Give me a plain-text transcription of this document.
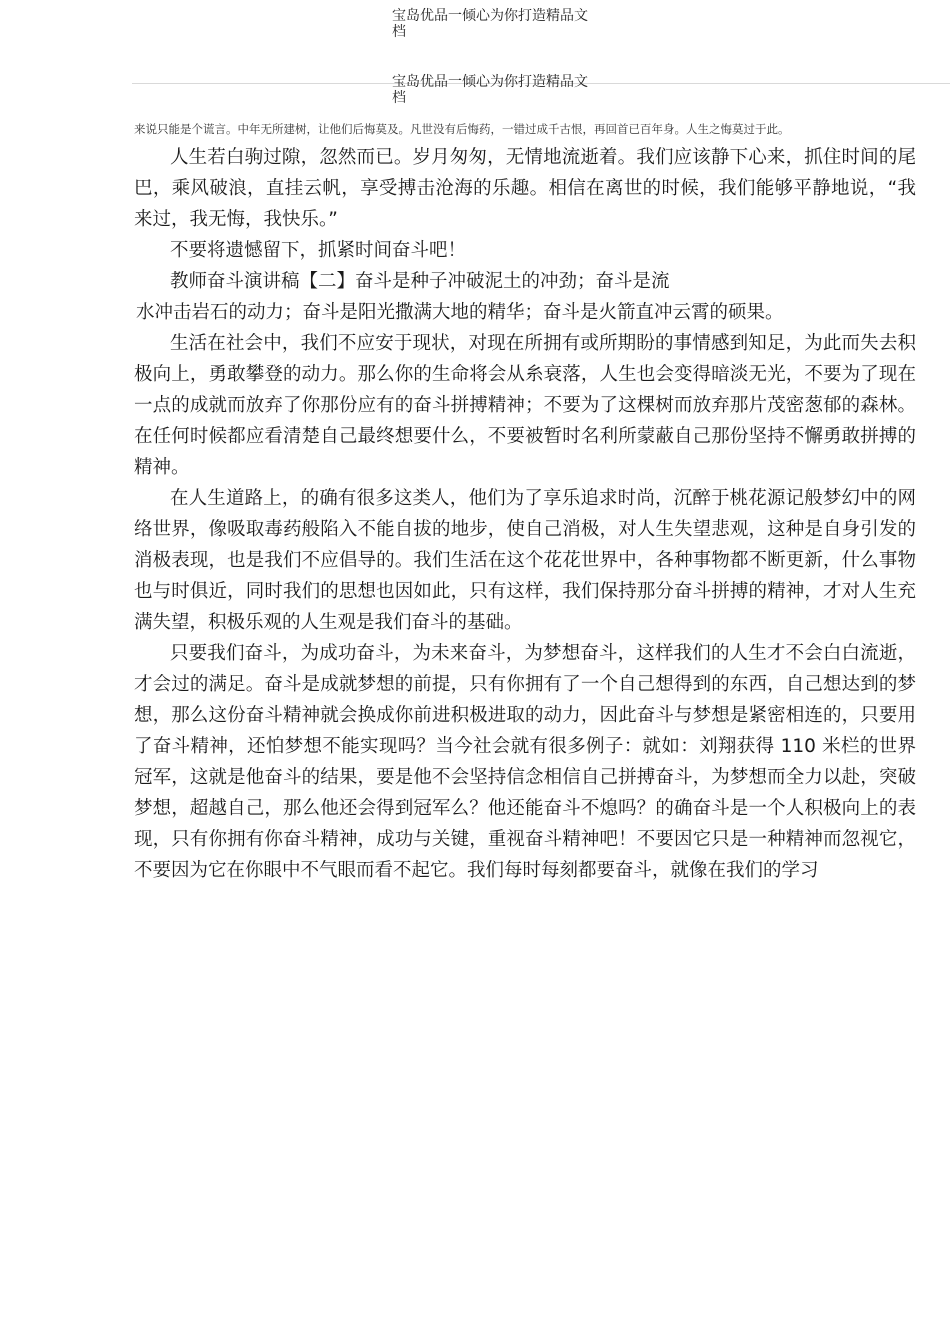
宝岛优品一倾心为你打造精品文
档
宝岛优品一倾心为你打造精品文
档
来说只能是个谎言。中年无所建树，让他们后悔莫及。凡世没有后悔药，一错过成千古恨，再回首已百年身。人生之悔莫过于此。

人生若白驹过隙，忽然而已。岁月匆匆，无情地流逝着。我们应该静下心来，抓住时间的尾巴，乘风破浪，直挂云帆，享受搏击沧海的乐趣。相信在离世的时候，我们能够平静地说，“我来过，我无悔，我快乐。”

不要将遗憾留下，抓紧时间奋斗吧！

教师奋斗演讲稿【二】奋斗是种子冲破泥土的冲劲；奋斗是流

水冲击岩石的动力；奋斗是阳光撒满大地的精华；奋斗是火箭直冲云霄的硕果。

生活在社会中，我们不应安于现状，对现在所拥有或所期盼的事情感到知足，为此而失去积极向上，勇敢攀登的动力。那么你的生命将会从糸衰落，人生也会变得暗淡无光，不要为了现在一点的成就而放弃了你那份应有的奋斗拼搏精神；不要为了这棵树而放弃那片茂密葱郁的森林。在任何时候都应看清楚自己最终想要什么，不要被暂时名利所蒙蔽自己那份坚持不懈勇敢拼搏的精神。

在人生道路上，的确有很多这类人，他们为了享乐追求时尚，沉醉于桃花源记般梦幻中的网络世界，像吸取毒药般陷入不能自拔的地步，使自己消极，对人生失望悲观，这种是自身引发的消极表现，也是我们不应倡导的。我们生活在这个花花世界中，各种事物都不断更新，什么事物也与时俱近，同时我们的思想也因如此，只有这样，我们保持那分奋斗拼搏的精神，才对人生充满失望，积极乐观的人生观是我们奋斗的基础。

只要我们奋斗，为成功奋斗，为未来奋斗，为梦想奋斗，这样我们的人生才不会白白流逝，才会过的满足。奋斗是成就梦想的前提，只有你拥有了一个自己想得到的东西，自己想达到的梦想，那么这份奋斗精神就会换成你前进积极进取的动力，因此奋斗与梦想是紧密相连的，只要用了奋斗精神，还怕梦想不能实现吗？当今社会就有很多例子：就如：刘翔获得 110 米栏的世界冠军，这就是他奋斗的结果，要是他不会坚持信念相信自己拼搏奋斗，为梦想而全力以赴，突破梦想，超越自己，那么他还会得到冠军么？他还能奋斗不熄吗？的确奋斗是一个人积极向上的表现，只有你拥有你奋斗精神，成功与关键，重视奋斗精神吧！不要因它只是一种精神而忽视它，不要因为它在你眼中不气眼而看不起它。我们每时每刻都要奋斗，就像在我们的学习
